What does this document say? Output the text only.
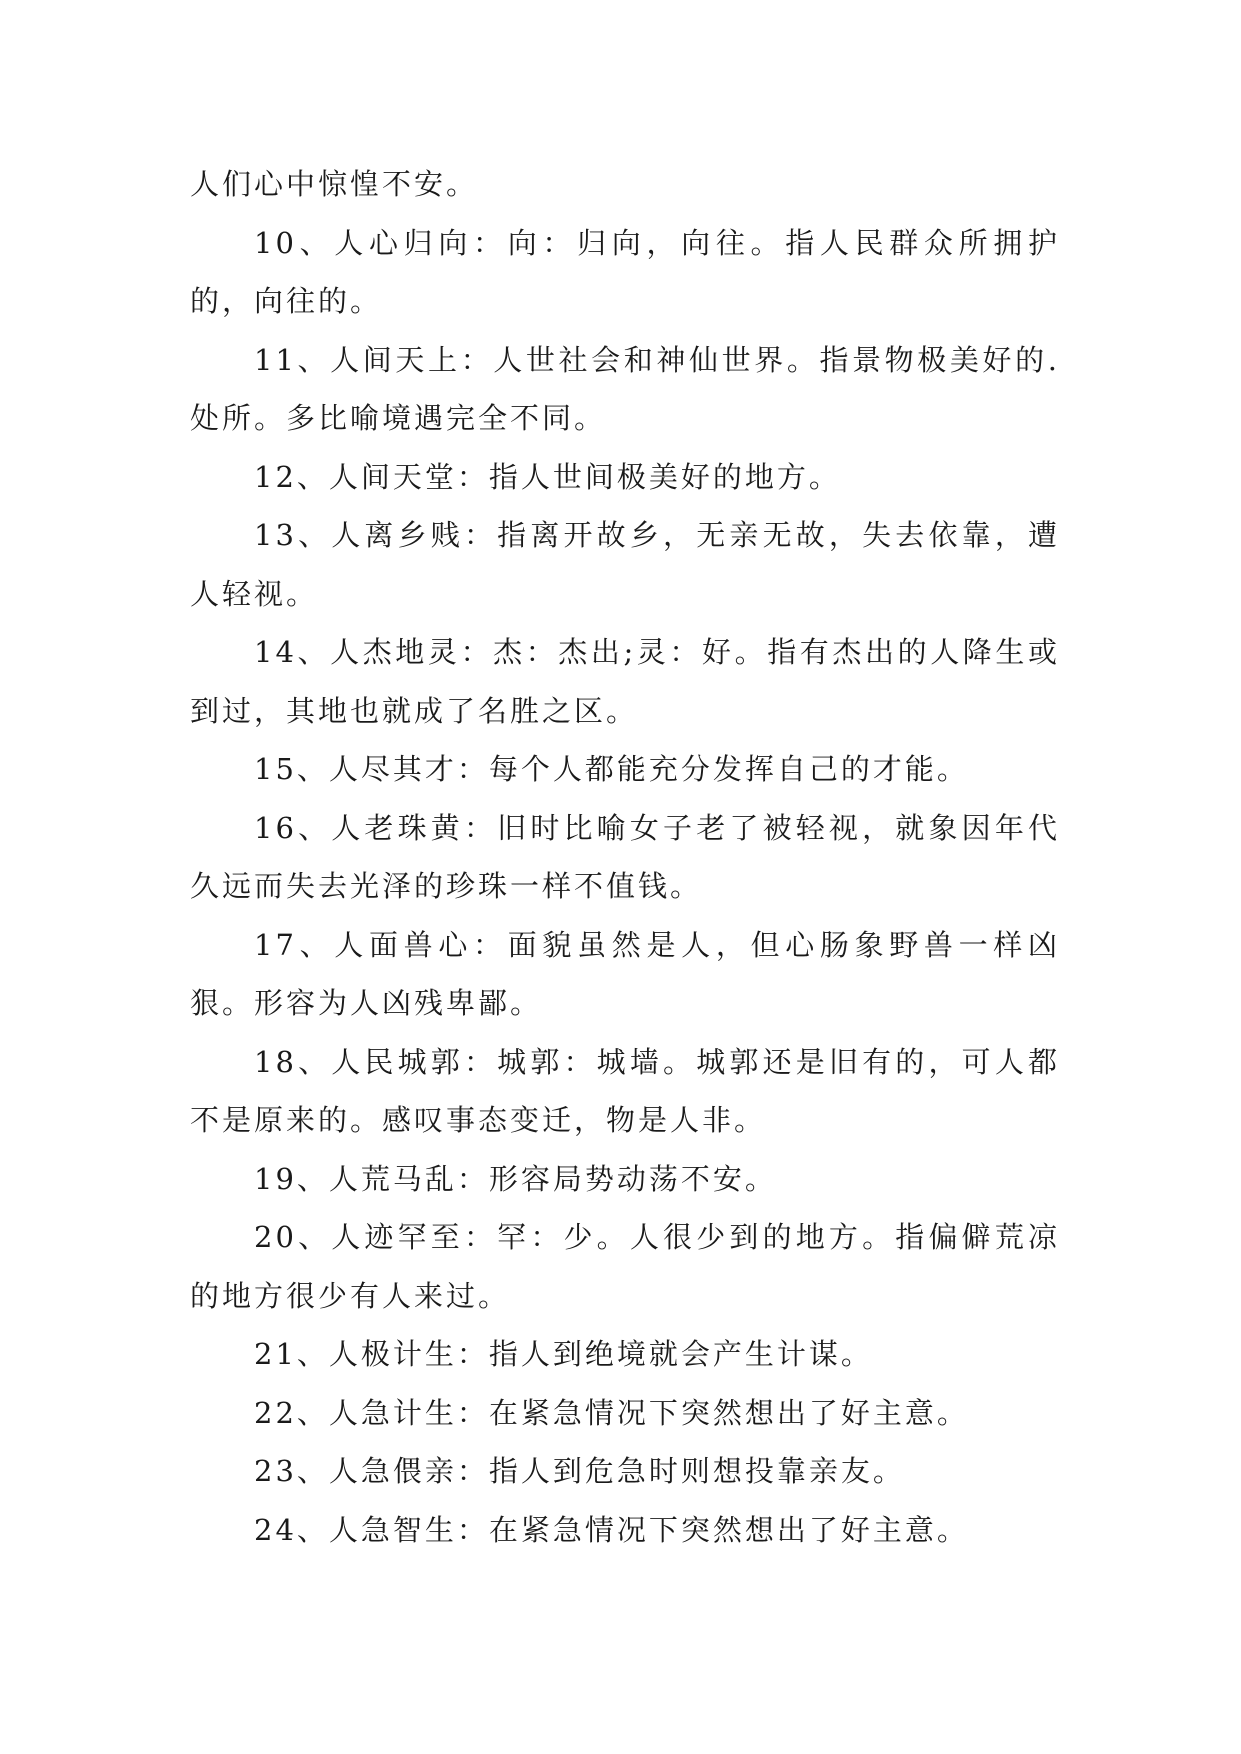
人们心中惊惶不安。

10、人心归向：向：归向，向往。指人民群众所拥护的，向往的。

11、人间天上：人世社会和神仙世界。指景物极美好的.处所。多比喻境遇完全不同。

12、人间天堂：指人世间极美好的地方。

13、人离乡贱：指离开故乡，无亲无故，失去依靠，遭人轻视。

14、人杰地灵：杰：杰出;灵：好。指有杰出的人降生或到过，其地也就成了名胜之区。

15、人尽其才：每个人都能充分发挥自己的才能。

16、人老珠黄：旧时比喻女子老了被轻视，就象因年代久远而失去光泽的珍珠一样不值钱。

17、人面兽心：面貌虽然是人，但心肠象野兽一样凶狠。形容为人凶残卑鄙。

18、人民城郭：城郭：城墙。城郭还是旧有的，可人都不是原来的。感叹事态变迁，物是人非。

19、人荒马乱：形容局势动荡不安。

20、人迹罕至：罕：少。人很少到的地方。指偏僻荒凉的地方很少有人来过。

21、人极计生：指人到绝境就会产生计谋。

22、人急计生：在紧急情况下突然想出了好主意。

23、人急偎亲：指人到危急时则想投靠亲友。

24、人急智生：在紧急情况下突然想出了好主意。
